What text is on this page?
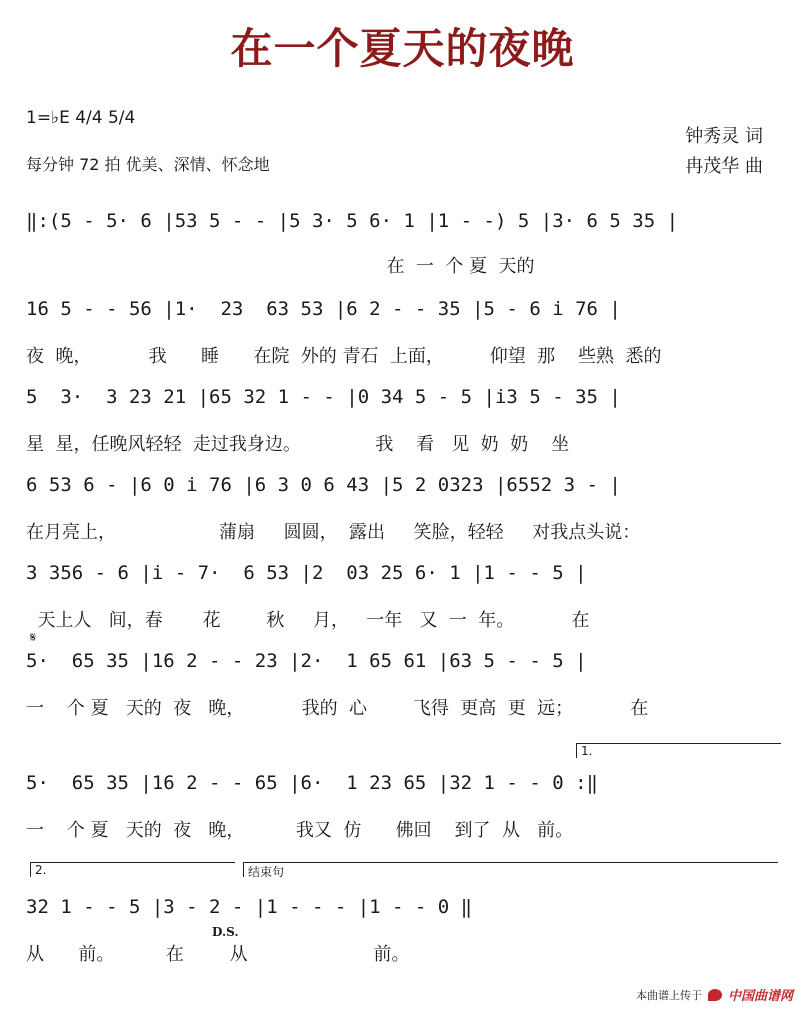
在一个夏天的夜晚
1=♭E 4/4 5/4
每分钟 72 拍 优美、深情、怀念地
钟秀灵 词
冉茂华 曲
‖:(5 - 5· 6 |53 5 - - |5 3· 5 6· 1 |1 - -) 5 |3· 6 5 35 |
在  一  个 夏  天的
16 5 - - 56 |1·  23  63 53 |6 2 - - 35 |5 - 6 i 76 |
夜  晚，          我      睡      在院  外的 青石  上面，        仰望  那    些熟  悉的
5  3·  3 23 21 |65 32 1 - - |0 34 5 - 5 |i3 5 - 35 |
星  星，任晚风轻轻  走过我身边。             我    看   见  奶  奶    坐
6 53 6 - |6 0 i 76 |6 3 0 6 43 |5 2 0323 |6552 3 - |
在月亮上，                  蒲扇     圆圆，  露出     笑脸，轻轻     对我点头说：
3 356 - 6 |i - 7·  6 53 |2  03 25 6· 1 |1 - - 5 |
天上人   间，春       花        秋     月，   一年   又  一  年。          在
5·  65 35 |16 2 - - 23 |2·  1 65 61 |63 5 - - 5 |
一    个 夏   天的  夜   晚，          我的  心        飞得  更高  更  远；          在
5·  65 35 |16 2 - - 65 |6·  1 23 65 |32 1 - - 0 :‖
一    个 夏   天的  夜   晚，         我又  仿      佛回    到了  从   前。
32 1 - - 5 |3 - 2 - |1 - - - |1 - - 0 ‖
从      前。         在        从                      前。
𝄋
1.
2.	结束句
D.S.
本曲谱上传于 中国曲谱网
